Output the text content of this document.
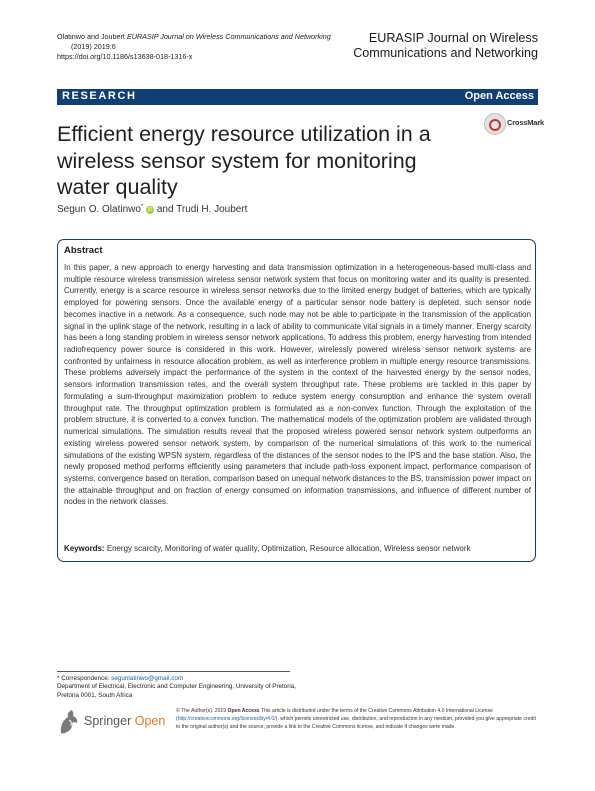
Olatinwo and Joubert EURASIP Journal on Wireless Communications and Networking
(2019) 2019:6
https://doi.org/10.1186/s13638-018-1316-x
EURASIP Journal on Wireless
Communications and Networking
RESEARCH	Open Access
Efficient energy resource utilization in a wireless sensor system for monitoring water quality
CrossMark
Segun O. Olatinwo* iD and Trudi H. Joubert
Abstract
In this paper, a new approach to energy harvesting and data transmission optimization in a heterogeneous-based multi-class and multiple resource wireless transmission wireless sensor network system that focus on monitoring water and its quality is presented. Currently, energy is a scarce resource in wireless sensor networks due to the limited energy budget of batteries, which are typically employed for powering sensors. Once the available energy of a particular sensor node battery is depleted, such sensor node becomes inactive in a network. As a consequence, such node may not be able to participate in the transmission of the application signal in the uplink stage of the network, resulting in a lack of ability to communicate vital signals in a timely manner. Energy scarcity has been a long standing problem in wireless sensor network applications. To address this problem, energy harvesting from intended radiofrequency power source is considered in this work. However, wirelessly powered wireless sensor network systems are confronted by unfairness in resource allocation problem, as well as interference problem in multiple energy resource transmissions. These problems adversely impact the performance of the system in the context of the harvested energy by the sensor nodes, sensors information transmission rates, and the overall system throughput rate. These problems are tackled in this paper by formulating a sum-throughput maximization problem to reduce system energy consumption and enhance the system overall throughput rate. The throughput optimization problem is formulated as a non-convex function. Through the exploitation of the problem structure, it is converted to a convex function. The mathematical models of the optimization problem are validated through numerical simulations. The simulation results reveal that the proposed wireless powered sensor network system outperforms an existing wireless powered sensor network system, by comparison of the numerical simulations of this work to the numerical simulations of the existing WPSN system, regardless of the distances of the sensor nodes to the IPS and the base station. Also, the newly proposed method performs efficiently using parameters that include path-loss exponent impact, performance comparison of systems, convergence based on iteration, comparison based on unequal network distances to the BS, transmission power impact on the attainable throughput and on fraction of energy consumed on information transmissions, and influence of different number of nodes in the network classes.
Keywords: Energy scarcity, Monitoring of water quality, Optimization, Resource allocation, Wireless sensor network
* Correspondence: segunlatinwo@gmail.com
Department of Electrical, Electronic and Computer Engineering, University of Pretoria, Pretoria 0001, South Africa
Springer Open
© The Author(s). 2019 Open Access This article is distributed under the terms of the Creative Commons Attribution 4.0 International License (http://creativecommons.org/licenses/by/4.0/), which permits unrestricted use, distribution, and reproduction in any medium, provided you give appropriate credit to the original author(s) and the source, provide a link to the Creative Commons license, and indicate if changes were made.
